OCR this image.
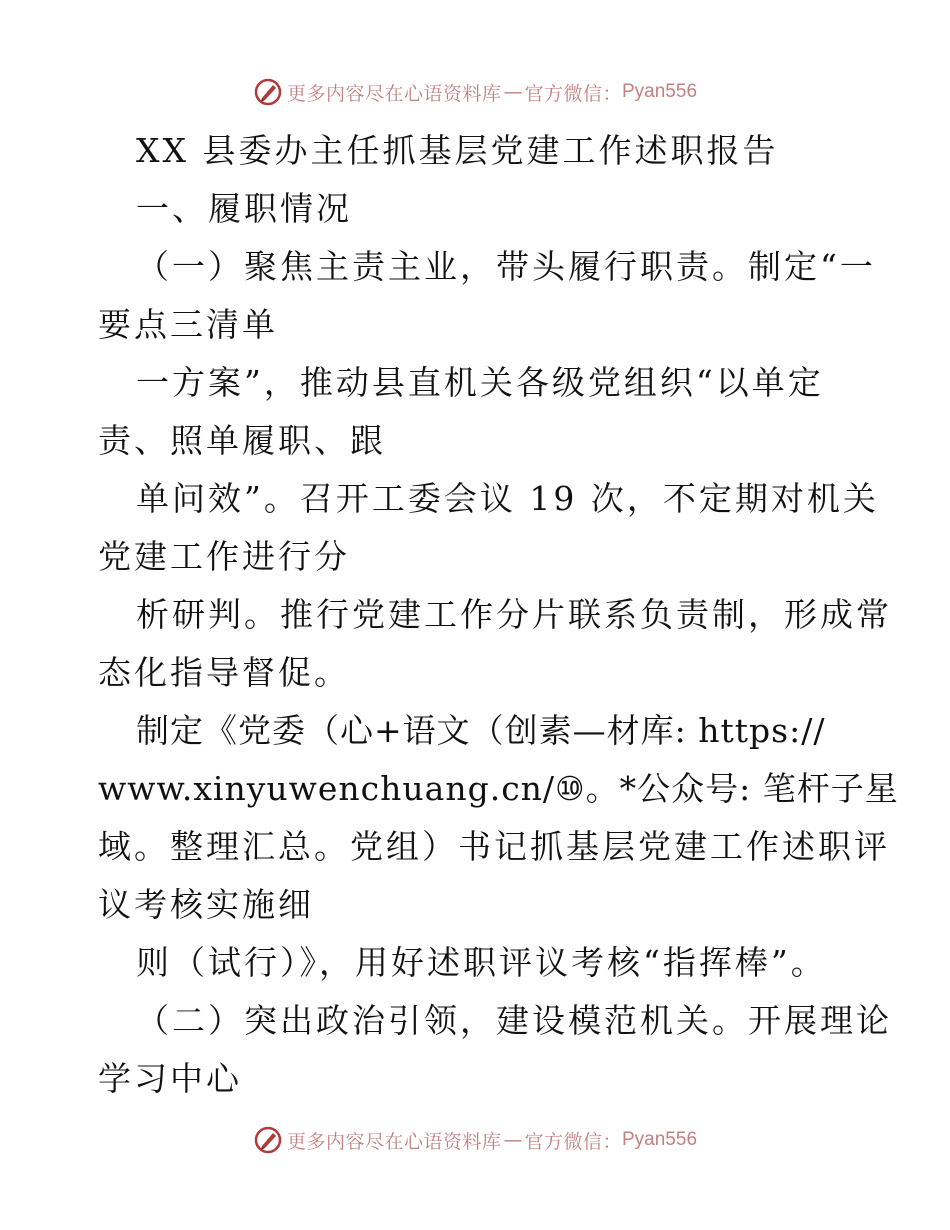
更多内容尽在心语资料库 — 官方微信： Pyan556
XX 县委办主任抓基层党建工作述职报告
一、履职情况
（一）聚焦主责主业，带头履行职责。制定“一
要点三清单
一方案”，推动县直机关各级党组织“以单定
责、照单履职、跟
单问效”。召开工委会议 19 次，不定期对机关
党建工作进行分
析研判。推行党建工作分片联系负责制，形成常
态化指导督促。
制定《党委（心+语文（创素—材库: https://
www.xinyuwenchuang.cn/⑩。*公众号: 笔杆子星
域。整理汇总。党组）书记抓基层党建工作述职评
议考核实施细
则（试行）》，用好述职评议考核“指挥棒”。
（二）突出政治引领，建设模范机关。开展理论
学习中心
更多内容尽在心语资料库 — 官方微信： Pyan556
